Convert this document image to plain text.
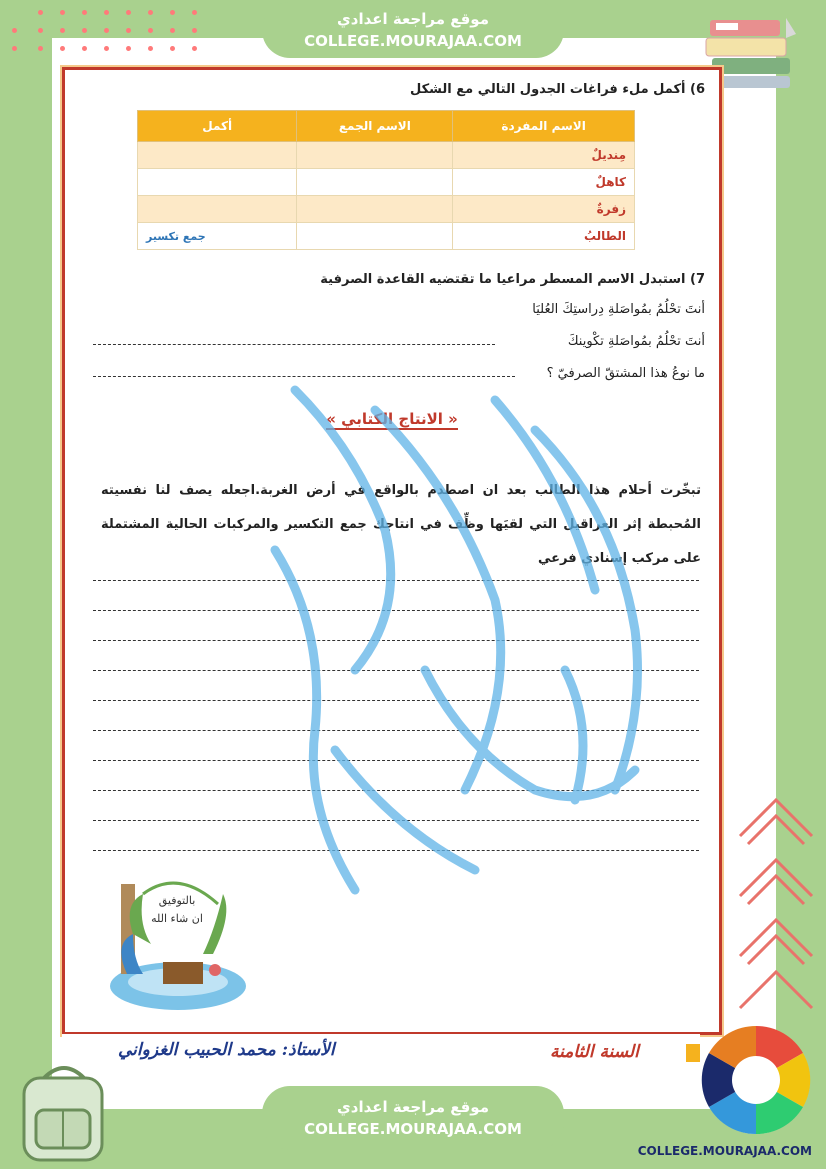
موقع مراجعة اعدادي
COLLEGE.MOURAJAA.COM
6) أكمل ملء فراغات الجدول التالي مع الشكل
الاسم المفردة	الاسم الجمع	أكمل
مِنديلٌ		
كاهلٌ		
زفرةٌ		
الطالبُ		جمع تكسير
7) استبدل الاسم المسطر مراعيا ما تقتضيه القاعدة الصرفية
أنتَ تحْلُمُ بمُواصَلةِ دِراستِكَ العُليَا
أنتَ تحْلُمُ بمُواصَلةِ تكْوينكَ
ما نوعُ هذا المشتقّ الصرفيّ ؟
« الانتاج الكتابي »
تبخّرت أحلام هذا الطالب بعد ان اصطدم بالواقع في أرض الغربة.اجعله يصف لنا نفسيته المُحبطة إثر العراقيل التي لقيَها وظِّف في انتاجك جمع التكسير والمركبات الحالية المشتملة على مركب إسنادي فرعي
بالتوفيق
ان شاء الله
الأستاذ: محمد الحبيب الغزواني	السنة الثامنة
موقع مراجعة اعدادي
COLLEGE.MOURAJAA.COM
COLLEGE.MOURAJAA.COM
